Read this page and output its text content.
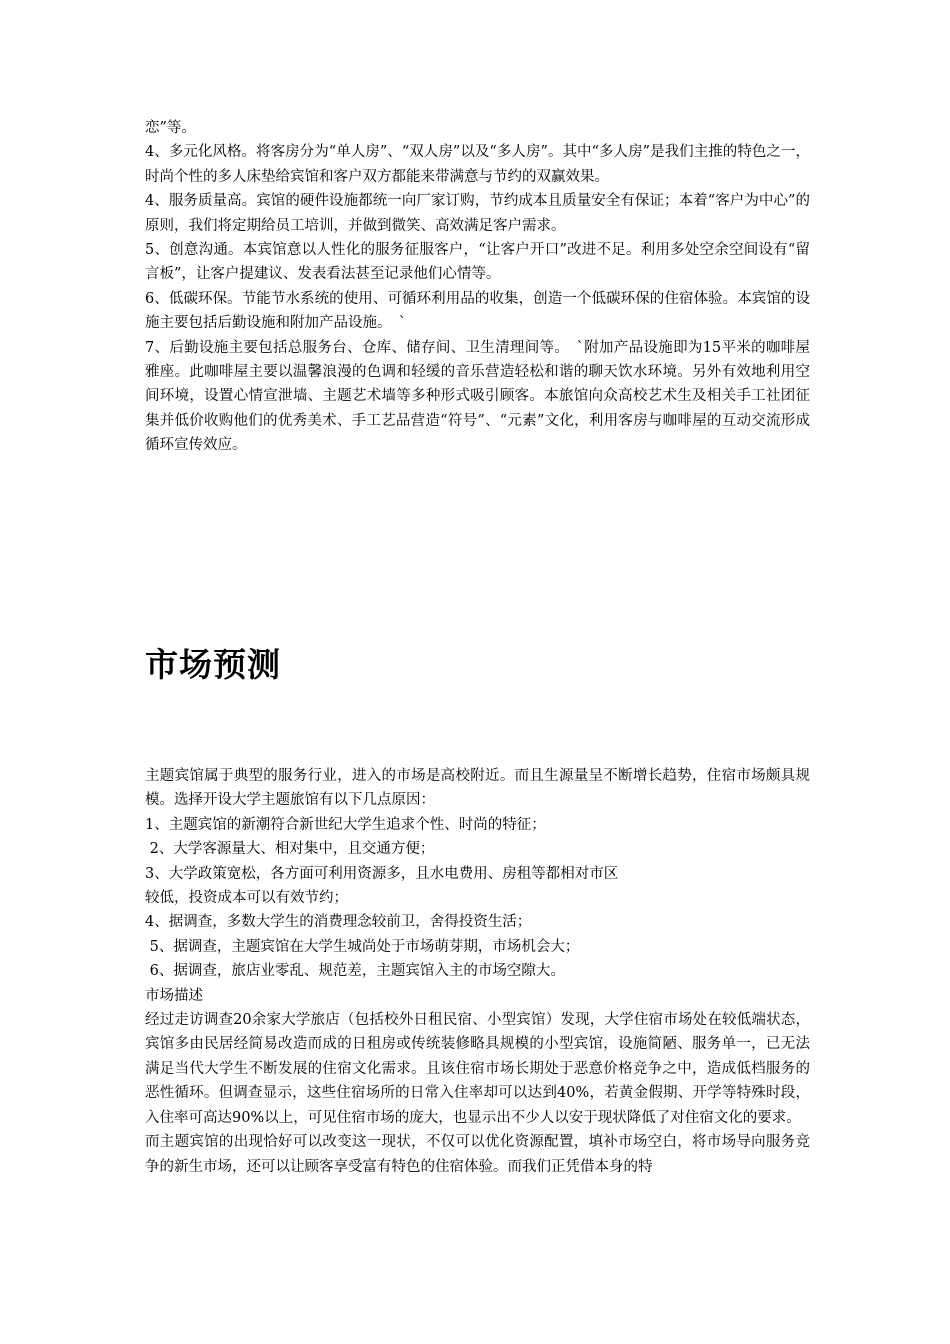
恋”等。

4、多元化风格。将客房分为“单人房”、“双人房”以及“多人房”。其中“多人房”是我们主推的特色之一，时尚个性的多人床垫给宾馆和客户双方都能来带满意与节约的双赢效果。

4、服务质量高。宾馆的硬件设施都统一向厂家订购，节约成本且质量安全有保证；本着“客户为中心”的原则，我们将定期给员工培训，并做到微笑、高效满足客户需求。

5、创意沟通。本宾馆意以人性化的服务征服客户，“让客户开口”改进不足。利用多处空余空间设有“留言板”，让客户提建议、发表看法甚至记录他们心情等。

6、低碳环保。节能节水系统的使用、可循环利用品的收集，创造一个低碳环保的住宿体验。本宾馆的设施主要包括后勤设施和附加产品设施。　`

7、后勤设施主要包括总服务台、仓库、储存间、卫生清理间等。　`附加产品设施即为15平米的咖啡屋雅座。此咖啡屋主要以温馨浪漫的色调和轻缓的音乐营造轻松和谐的聊天饮水环境。另外有效地利用空间环境，设置心情宣泄墙、主题艺术墙等多种形式吸引顾客。本旅馆向众高校艺术生及相关手工社团征集并低价收购他们的优秀美术、手工艺品营造“符号”、“元素”文化，利用客房与咖啡屋的互动交流形成循环宣传效应。

市场预测

主题宾馆属于典型的服务行业，进入的市场是高校附近。而且生源量呈不断增长趋势，住宿市场颇具规模。选择开设大学主题旅馆有以下几点原因：

1、主题宾馆的新潮符合新世纪大学生追求个性、时尚的特征；

2、大学客源量大、相对集中，且交通方便；

3、大学政策宽松，各方面可利用资源多，且水电费用、房租等都相对市区

较低，投资成本可以有效节约；

4、据调查，多数大学生的消费理念较前卫，舍得投资生活；

5、据调查，主题宾馆在大学生城尚处于市场萌芽期，市场机会大；

6、据调查，旅店业零乱、规范差，主题宾馆入主的市场空隙大。

市场描述

经过走访调查20余家大学旅店（包括校外日租民宿、小型宾馆）发现，大学住宿市场处在较低端状态，宾馆多由民居经简易改造而成的日租房或传统装修略具规模的小型宾馆，设施简陋、服务单一，已无法满足当代大学生不断发展的住宿文化需求。且该住宿市场长期处于恶意价格竞争之中，造成低档服务的恶性循环。但调查显示，这些住宿场所的日常入住率却可以达到40%，若黄金假期、开学等特殊时段，入住率可高达90%以上，可见住宿市场的庞大，也显示出不少人以安于现状降低了对住宿文化的要求。

而主题宾馆的出现恰好可以改变这一现状，不仅可以优化资源配置，填补市场空白，将市场导向服务竞争的新生市场，还可以让顾客享受富有特色的住宿体验。而我们正凭借本身的特
